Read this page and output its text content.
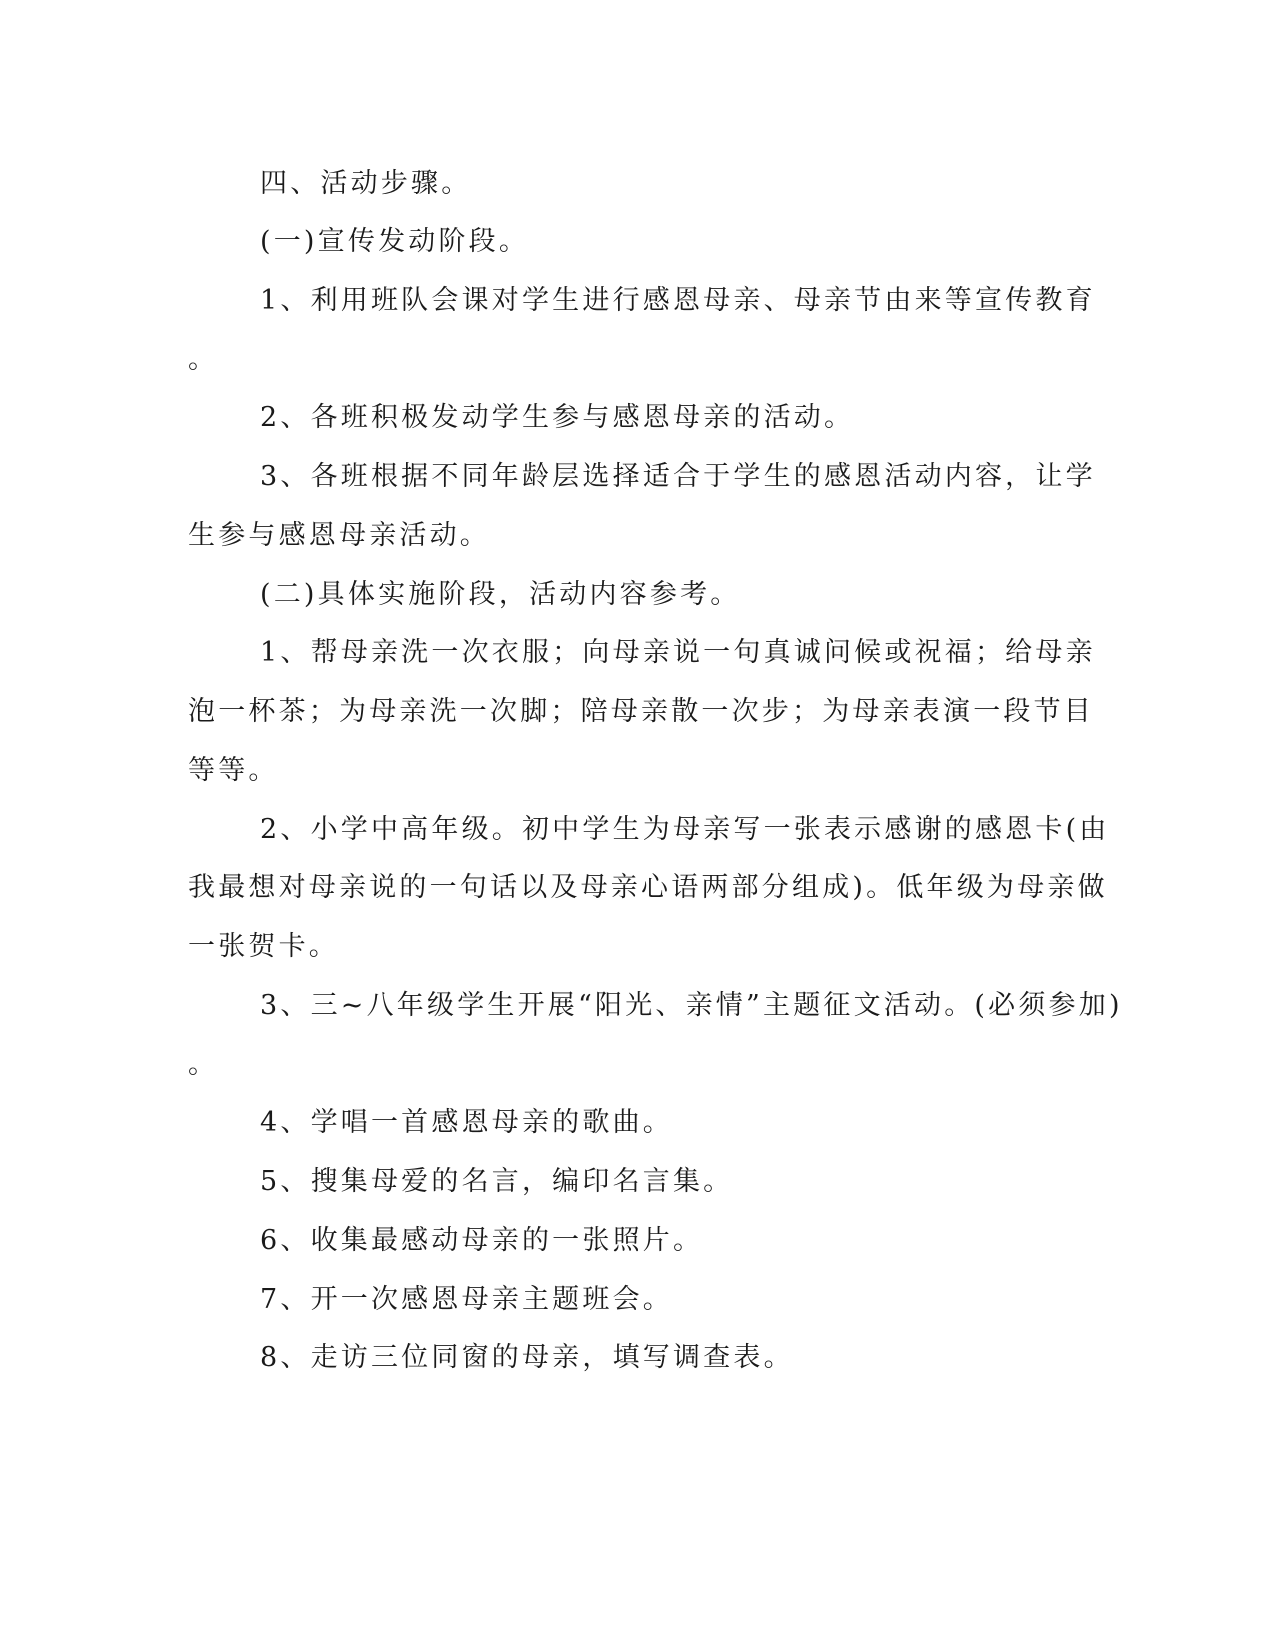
四、活动步骤。

(一)宣传发动阶段。

1、利用班队会课对学生进行感恩母亲、母亲节由来等宣传教育

。

2、各班积极发动学生参与感恩母亲的活动。

3、各班根据不同年龄层选择适合于学生的感恩活动内容，让学

生参与感恩母亲活动。

(二)具体实施阶段，活动内容参考。

1、帮母亲洗一次衣服；向母亲说一句真诚问候或祝福；给母亲

泡一杯茶；为母亲洗一次脚；陪母亲散一次步；为母亲表演一段节目

等等。

2、小学中高年级。初中学生为母亲写一张表示感谢的感恩卡(由

我最想对母亲说的一句话以及母亲心语两部分组成)。低年级为母亲做

一张贺卡。

3、三~八年级学生开展“阳光、亲情”主题征文活动。(必须参加)

。

4、学唱一首感恩母亲的歌曲。

5、搜集母爱的名言，编印名言集。

6、收集最感动母亲的一张照片。

7、开一次感恩母亲主题班会。

8、走访三位同窗的母亲，填写调查表。
